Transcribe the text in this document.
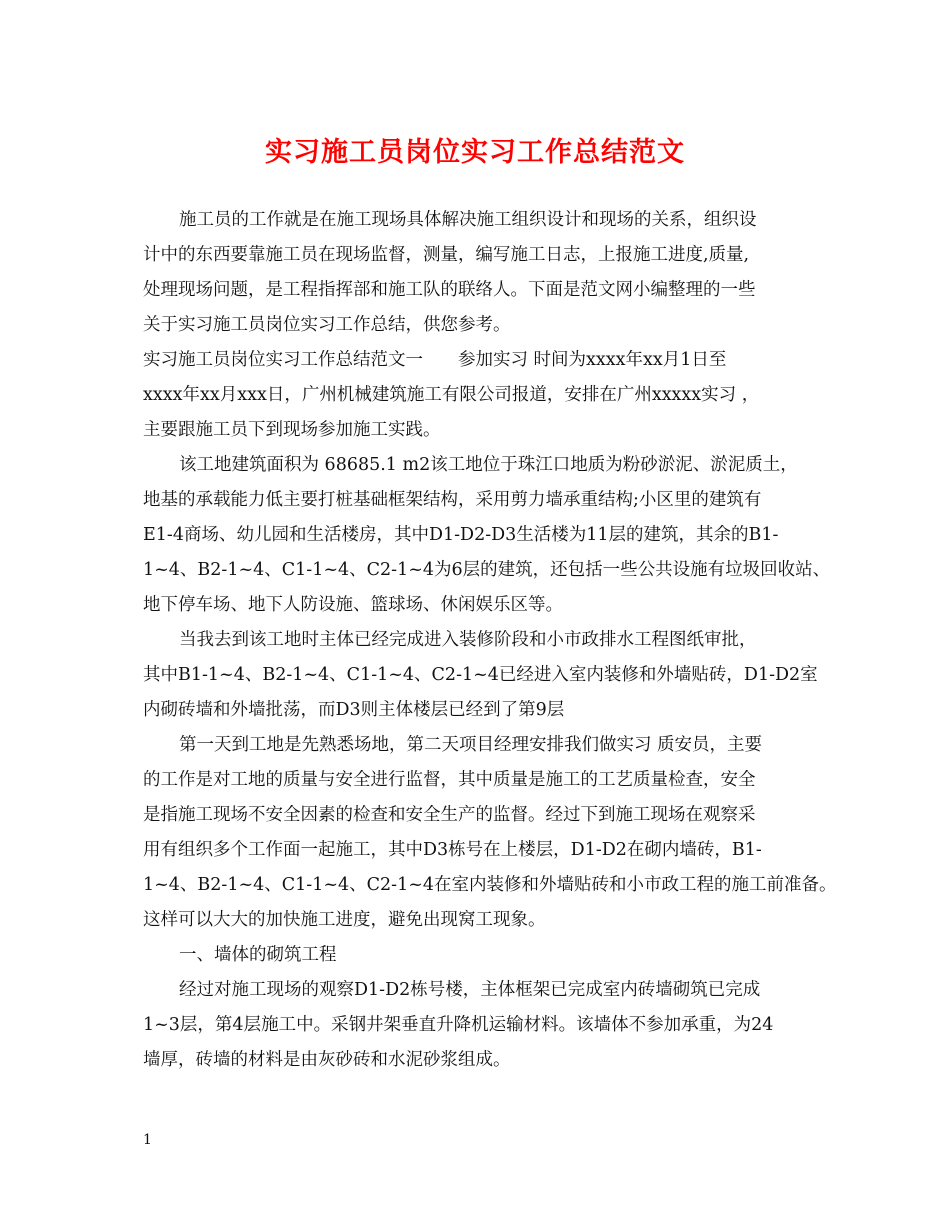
实习施工员岗位实习工作总结范文

施工员的工作就是在施工现场具体解决施工组织设计和现场的关系，组织设

计中的东西要靠施工员在现场监督，测量，编写施工日志，上报施工进度,质量,

处理现场问题，是工程指挥部和施工队的联络人。下面是范文网小编整理的一些

关于实习施工员岗位实习工作总结，供您参考。

实习施工员岗位实习工作总结范文一　　参加实习 时间为xxxx年xx月1日至

xxxx年xx月xxx日，广州机械建筑施工有限公司报道，安排在广州xxxxx实习 ，

主要跟施工员下到现场参加施工实践。

该工地建筑面积为 68685.1 m2该工地位于珠江口地质为粉砂淤泥、淤泥质土，

地基的承载能力低主要打桩基础框架结构，采用剪力墙承重结构;小区里的建筑有

E1-4商场、幼儿园和生活楼房，其中D1-D2-D3生活楼为11层的建筑，其余的B1-

1~4、B2-1~4、C1-1~4、C2-1~4为6层的建筑，还包括一些公共设施有垃圾回收站、

地下停车场、地下人防设施、篮球场、休闲娱乐区等。

当我去到该工地时主体已经完成进入装修阶段和小市政排水工程图纸审批，

其中B1-1~4、B2-1~4、C1-1~4、C2-1~4已经进入室内装修和外墙贴砖，D1-D2室

内砌砖墙和外墙批荡，而D3则主体楼层已经到了第9层

第一天到工地是先熟悉场地，第二天项目经理安排我们做实习 质安员，主要

的工作是对工地的质量与安全进行监督，其中质量是施工的工艺质量检查，安全

是指施工现场不安全因素的检查和安全生产的监督。经过下到施工现场在观察采

用有组织多个工作面一起施工，其中D3栋号在上楼层，D1-D2在砌内墙砖，B1-

1~4、B2-1~4、C1-1~4、C2-1~4在室内装修和外墙贴砖和小市政工程的施工前准备。

这样可以大大的加快施工进度，避免出现窝工现象。

一、墙体的砌筑工程

经过对施工现场的观察D1-D2栋号楼，主体框架已完成室内砖墙砌筑已完成

1~3层，第4层施工中。采钢井架垂直升降机运输材料。该墙体不参加承重，为24

墙厚，砖墙的材料是由灰砂砖和水泥砂浆组成。

1
